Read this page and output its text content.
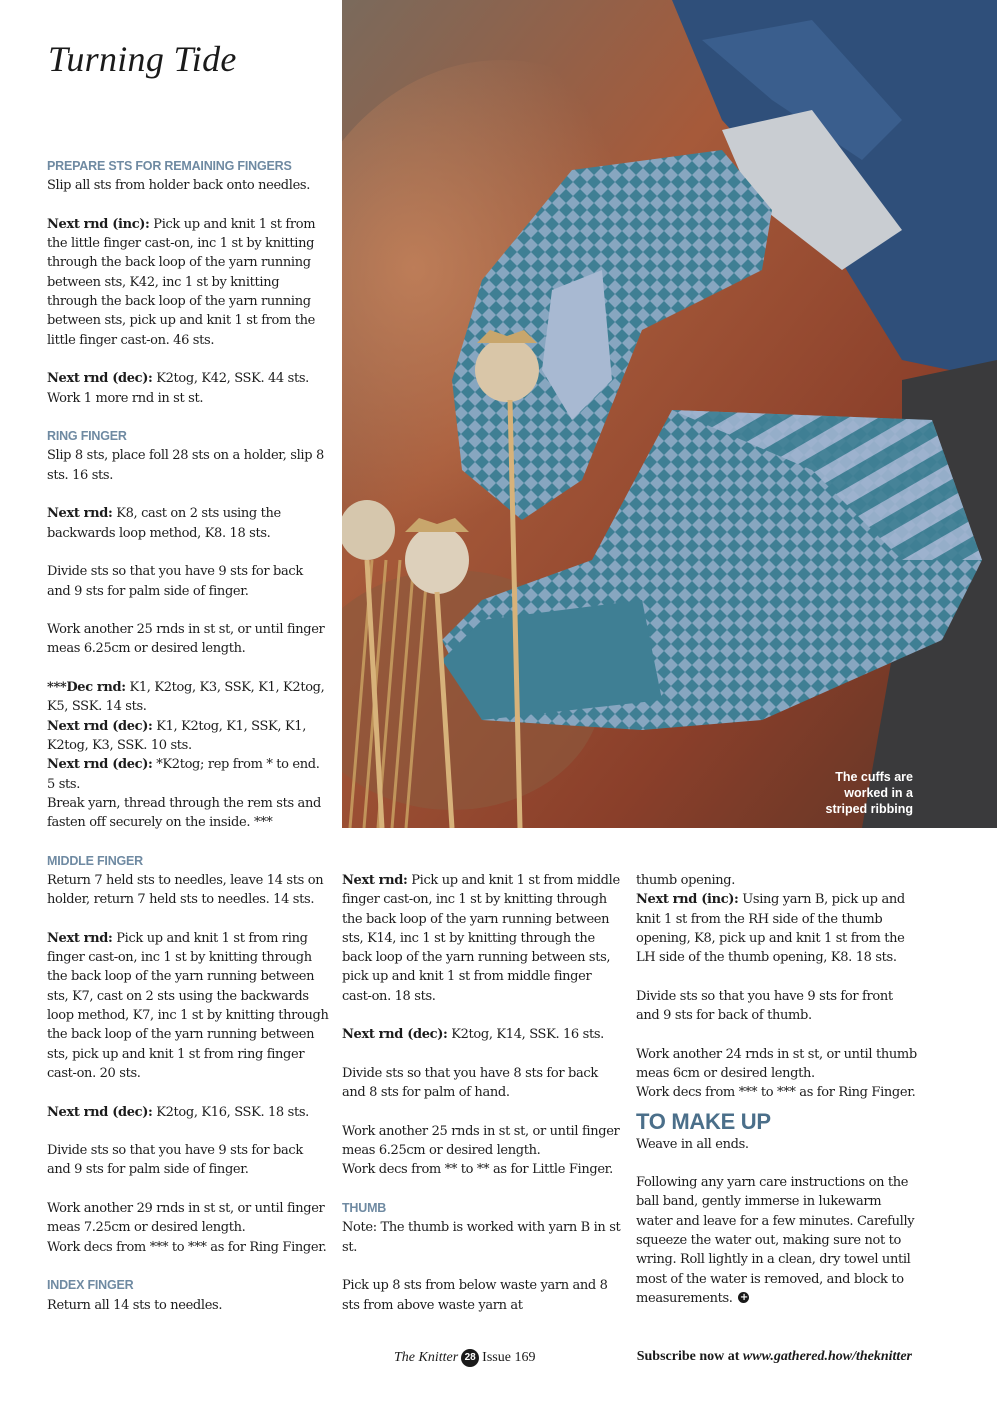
Turning Tide
PREPARE STS FOR REMAINING FINGERS

Slip all sts from holder back onto needles.

Next rnd (inc): Pick up and knit 1 st from the little finger cast-on, inc 1 st by knitting through the back loop of the yarn running between sts, K42, inc 1 st by knitting through the back loop of the yarn running between sts, pick up and knit 1 st from the little finger cast-on. 46 sts.

Next rnd (dec): K2tog, K42, SSK. 44 sts.

Work 1 more rnd in st st.

RING FINGER

Slip 8 sts, place foll 28 sts on a holder, slip 8 sts. 16 sts.

Next rnd: K8, cast on 2 sts using the backwards loop method, K8. 18 sts.

Divide sts so that you have 9 sts for back and 9 sts for palm side of finger.

Work another 25 rnds in st st, or until finger meas 6.25cm or desired length.

***Dec rnd: K1, K2tog, K3, SSK, K1, K2tog, K5, SSK. 14 sts.

Next rnd (dec): K1, K2tog, K1, SSK, K1, K2tog, K3, SSK. 10 sts.

Next rnd (dec): *K2tog; rep from * to end. 5 sts.

Break yarn, thread through the rem sts and fasten off securely on the inside. ***

MIDDLE FINGER

Return 7 held sts to needles, leave 14 sts on holder, return 7 held sts to needles. 14 sts.

Next rnd: Pick up and knit 1 st from ring finger cast-on, inc 1 st by knitting through the back loop of the yarn running between sts, K7, cast on 2 sts using the backwards loop method, K7, inc 1 st by knitting through the back loop of the yarn running between sts, pick up and knit 1 st from ring finger cast-on. 20 sts.

Next rnd (dec): K2tog, K16, SSK. 18 sts.

Divide sts so that you have 9 sts for back and 9 sts for palm side of finger.

Work another 29 rnds in st st, or until finger meas 7.25cm or desired length.

Work decs from *** to *** as for Ring Finger.

INDEX FINGER

Return all 14 sts to needles.

The cuffs are
worked in a
striped ribbing

Next rnd: Pick up and knit 1 st from middle finger cast-on, inc 1 st by knitting through the back loop of the yarn running between sts, K14, inc 1 st by knitting through the back loop of the yarn running between sts, pick up and knit 1 st from middle finger cast-on. 18 sts.

Next rnd (dec): K2tog, K14, SSK. 16 sts.

Divide sts so that you have 8 sts for back and 8 sts for palm of hand.

Work another 25 rnds in st st, or until finger meas 6.25cm or desired length.

Work decs from ** to ** as for Little Finger.

THUMB

Note: The thumb is worked with yarn B in st st.

Pick up 8 sts from below waste yarn and 8 sts from above waste yarn at

thumb opening.

Next rnd (inc): Using yarn B, pick up and knit 1 st from the RH side of the thumb opening, K8, pick up and knit 1 st from the LH side of the thumb opening, K8. 18 sts.

Divide sts so that you have 9 sts for front and 9 sts for back of thumb.

Work another 24 rnds in st st, or until thumb meas 6cm or desired length.

Work decs from *** to *** as for Ring Finger.

TO MAKE UP

Weave in all ends.

Following any yarn care instructions on the ball band, gently immerse in lukewarm water and leave for a few minutes. Carefully squeeze the water out, making sure not to wring. Roll lightly in a clean, dry towel until most of the water is removed, and block to measurements. +

The Knitter 28 Issue 169	Subscribe now at www.gathered.how/theknitter
